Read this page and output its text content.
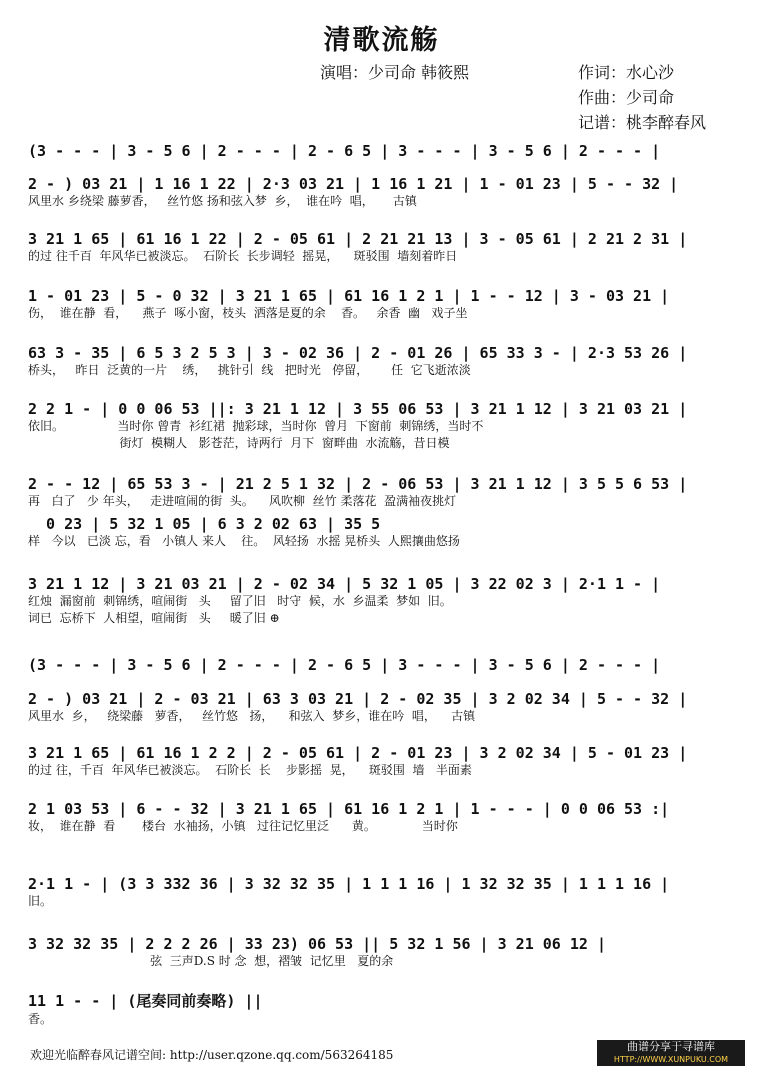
清歌流觞
演唱：少司命 韩筱熙	作词：水心沙
作曲：少司命
记谱：桃李醉春风
(3 - - - | 3 - 5 6 | 2 - - - | 2 - 6 5 | 3 - - - | 3 - 5 6 | 2 - - - |
2 - ) 03 21 | 1 16 1 22 | 2·3 03 21 | 1 16 1 21 | 1 - 01 23 | 5 - - 32 |
风里水 乡绕梁 藤萝香，   丝竹悠 扬和弦入梦  乡，  谁在吟  唱，     古镇
3 21 1 65 | 61 16 1 22 | 2 - 05 61 | 2 21 21 13 | 3 - 05 61 | 2 21 2 31 |
的过 往千百  年风华已被淡忘。  石阶长  长步调轻  摇晃，    斑驳围  墙刻着昨日
1 - 01 23 | 5 - 0 32 | 3 21 1 65 | 61 16 1 2 1 | 1 - - 12 | 3 - 03 21 |
伤，  谁在静  看，    燕子  啄小窗，枝头  洒落是夏的余    香。   余香  幽   戏子坐
63 3 - 35 | 6 5 3 2 5 3 | 3 - 02 36 | 2 - 01 26 | 65 33 3 - | 2·3 53 26 |
桥头，   昨日  泛黄的一片    绣，   挑针引  线   把时光   停留，      任  它飞逝浓淡
2 2 1 - | 0 0 06 53 ||: 3 21 1 12 | 3 55 06 53 | 3 21 1 12 | 3 21 03 21 |
依旧。              当时你 曾青  衫红裙  抛彩球，当时你  曾月  下窗前  刺锦绣，当时不
街灯  模糊人   影苍茫，诗两行  月下  窗畔曲  水流觞，昔日模
2 - - 12 | 65 53 3 - | 21 2 5 1 32 | 2 - 06 53 | 3 21 1 12 | 3 5 5 6 53 |
再   白了   少 年头，   走进喧闹的街  头。    风吹柳  丝竹 柔落花  盈满袖夜挑灯
0 23 | 5 32 1 05 | 6 3 2 02 63 | 35 5
样   今以   已淡 忘，看   小镇人 来人    往。  风轻扬  水摇 晃桥头  人熙攘曲悠扬
3 21 1 12 | 3 21 03 21 | 2 - 02 34 | 5 32 1 05 | 3 22 02 3 | 2·1 1 - |
红烛  漏窗前  刺锦绣，喧闹街   头     留了旧   时守  候，水  乡温柔  梦如  旧。
词已  忘桥下  人相望，喧闹街   头     暖了旧 ⊕
(3 - - - | 3 - 5 6 | 2 - - - | 2 - 6 5 | 3 - - - | 3 - 5 6 | 2 - - - |
2 - ) 03 21 | 2 - 03 21 | 63 3 03 21 | 2 - 02 35 | 3 2 02 34 | 5 - - 32 |
风里水  乡，   绕梁藤   萝香，   丝竹悠   扬，    和弦入  梦乡，谁在吟  唱，    古镇
3 21 1 65 | 61 16 1 2 2 | 2 - 05 61 | 2 - 01 23 | 3 2 02 34 | 5 - 01 23 |
的过 往，千百  年风华已被淡忘。  石阶长  长    步影摇  晃，    斑驳围  墙   半面素
2 1 03 53 | 6 - - 32 | 3 21 1 65 | 61 16 1 2 1 | 1 - - - | 0 0 06 53 :|
妆，  谁在静  看       楼台  水袖扬，小镇   过往记忆里泛      黄。            当时你
2·1 1 - | (3 3 332 36 | 3 32 32 35 | 1 1 1 16 | 1 32 32 35 | 1 1 1 16 |
旧。
3 32 32 35 | 2 2 2 26 | 33 23) 06 53 || 5 32 1 56 | 3 21 06 12 |
弦  三声D.S 时 念  想，褶皱  记忆里   夏的余
11 1 - - | (尾奏同前奏略) ||
香。
欢迎光临醉春风记谱空间: http://user.qzone.qq.com/563264185
曲谱分享于寻谱库
HTTP://WWW.XUNPUKU.COM
